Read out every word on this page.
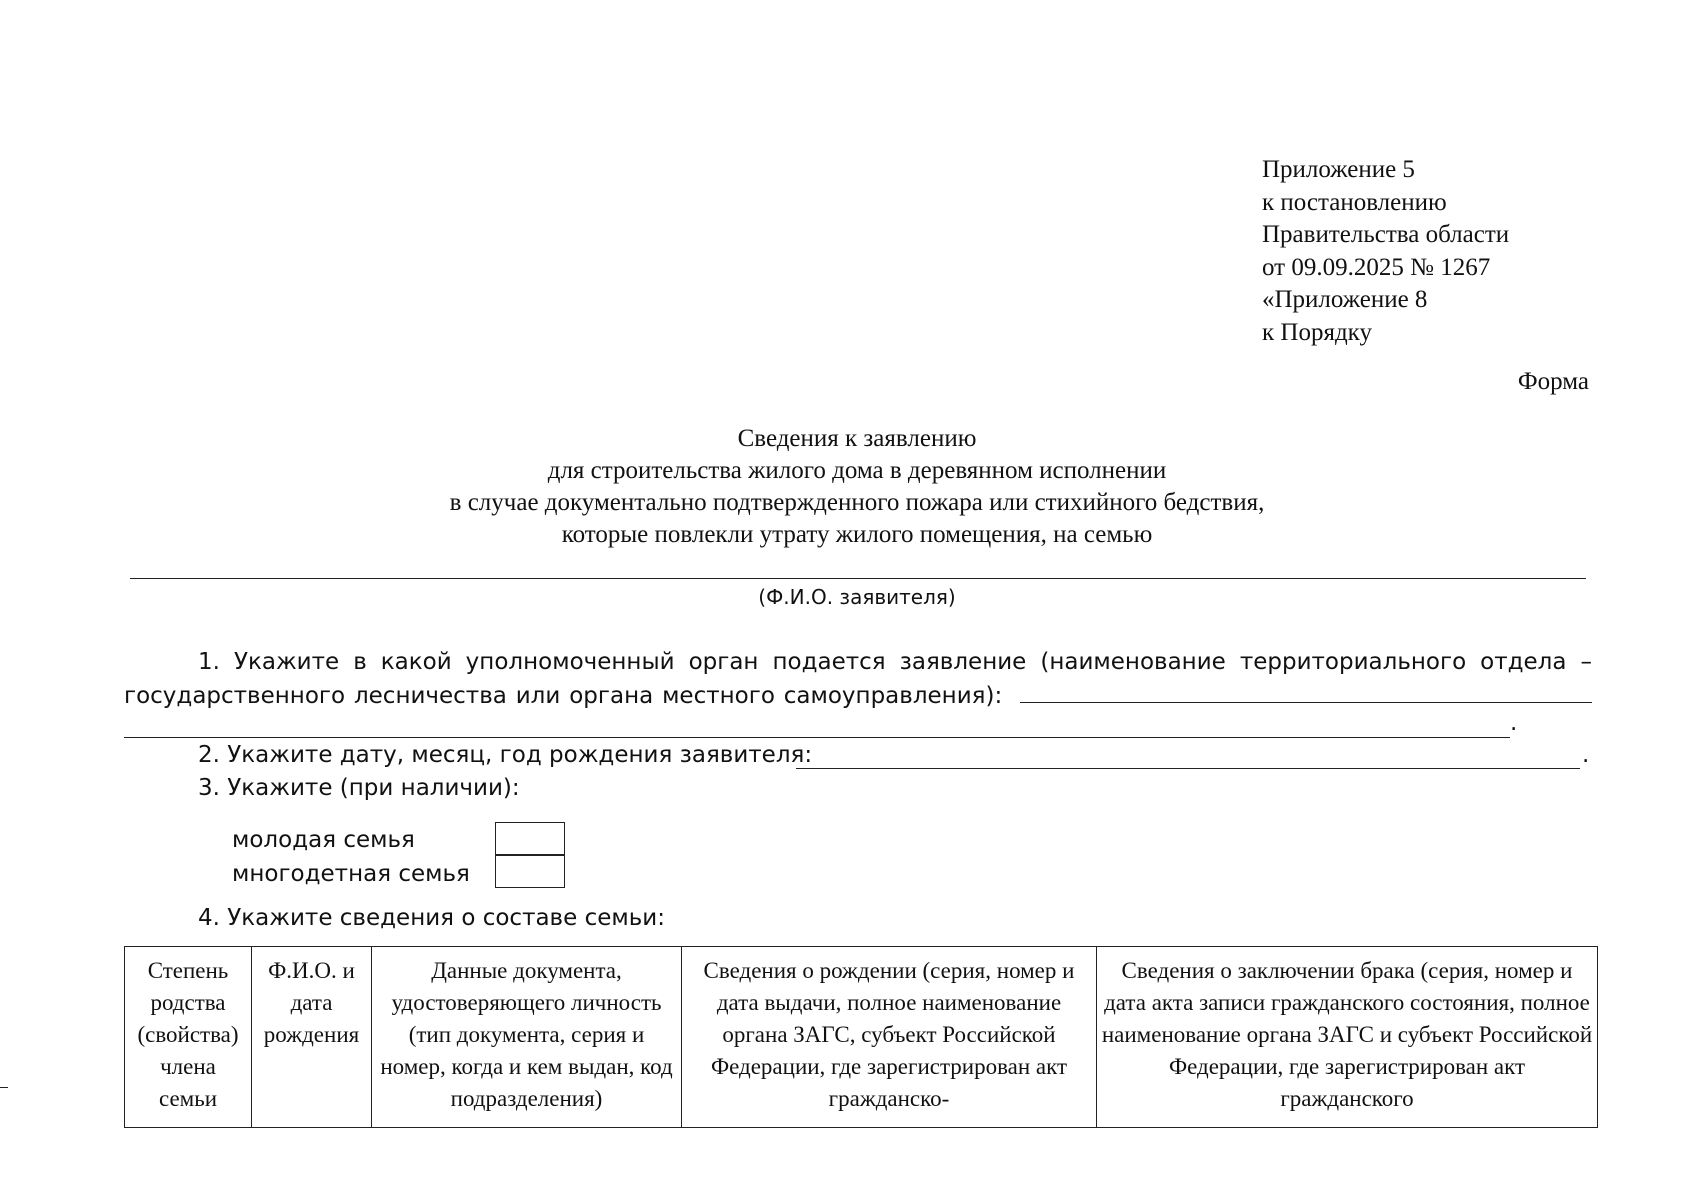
Приложение 5
к постановлению
Правительства области
от 09.09.2025 № 1267
«Приложение 8
к Порядку
Форма
Сведения к заявлению
для строительства жилого дома в деревянном исполнении
в случае документально подтвержденного пожара или стихийного бедствия,
которые повлекли утрату жилого помещения, на семью
(Ф.И.О. заявителя)
1. Укажите в какой уполномоченный орган подается заявление (наименование территориального отдела – государственного лесничества или органа местного самоуправления):
.
2. Укажите дату, месяц, год рождения заявителя:	.
3. Укажите (при наличии):
молодая семья
многодетная семья
4. Укажите сведения о составе семьи:
Степень родства (свойства) члена семьи	Ф.И.О. и дата рождения	Данные документа, удостоверяющего личность (тип документа, серия и номер, когда и кем выдан, код подразделения)	Сведения о рождении (серия, номер и дата выдачи, полное наименование органа ЗАГС, субъект Российской Федерации, где зарегистрирован акт гражданско-	Сведения о заключении брака (серия, номер и дата акта записи гражданского состояния, полное наименование органа ЗАГС и субъект Российской Федерации, где зарегистрирован акт гражданского
